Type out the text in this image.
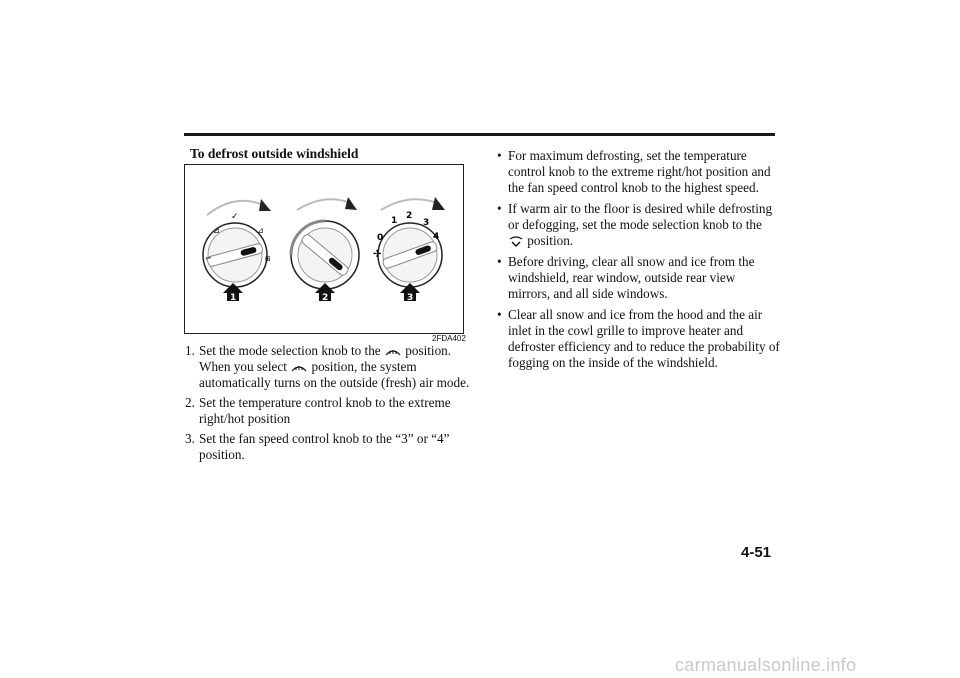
To defrost outside windshield
✓
⊿	⊿
⌐	⊞
0
1 2
3
4
✢
1	2	3
2FDA402
1. Set the mode selection knob to the  position. When you select  position, the system automatically turns on the outside (fresh) air mode.
2. Set the temperature control knob to the extreme right/hot position
3. Set the fan speed control knob to the “3” or “4” position.
• For maximum defrosting, set the temperature control knob to the extreme right/hot position and the fan speed control knob to the highest speed.
• If warm air to the floor is desired while defrosting or defogging, set the mode selection knob to the
position.
• Before driving, clear all snow and ice from the windshield, rear window, outside rear view mirrors, and all side windows.
• Clear all snow and ice from the hood and the air inlet in the cowl grille to improve heater and defroster efficiency and to reduce the probability of fogging on the inside of the windshield.
4-51
carmanualsonline.info
